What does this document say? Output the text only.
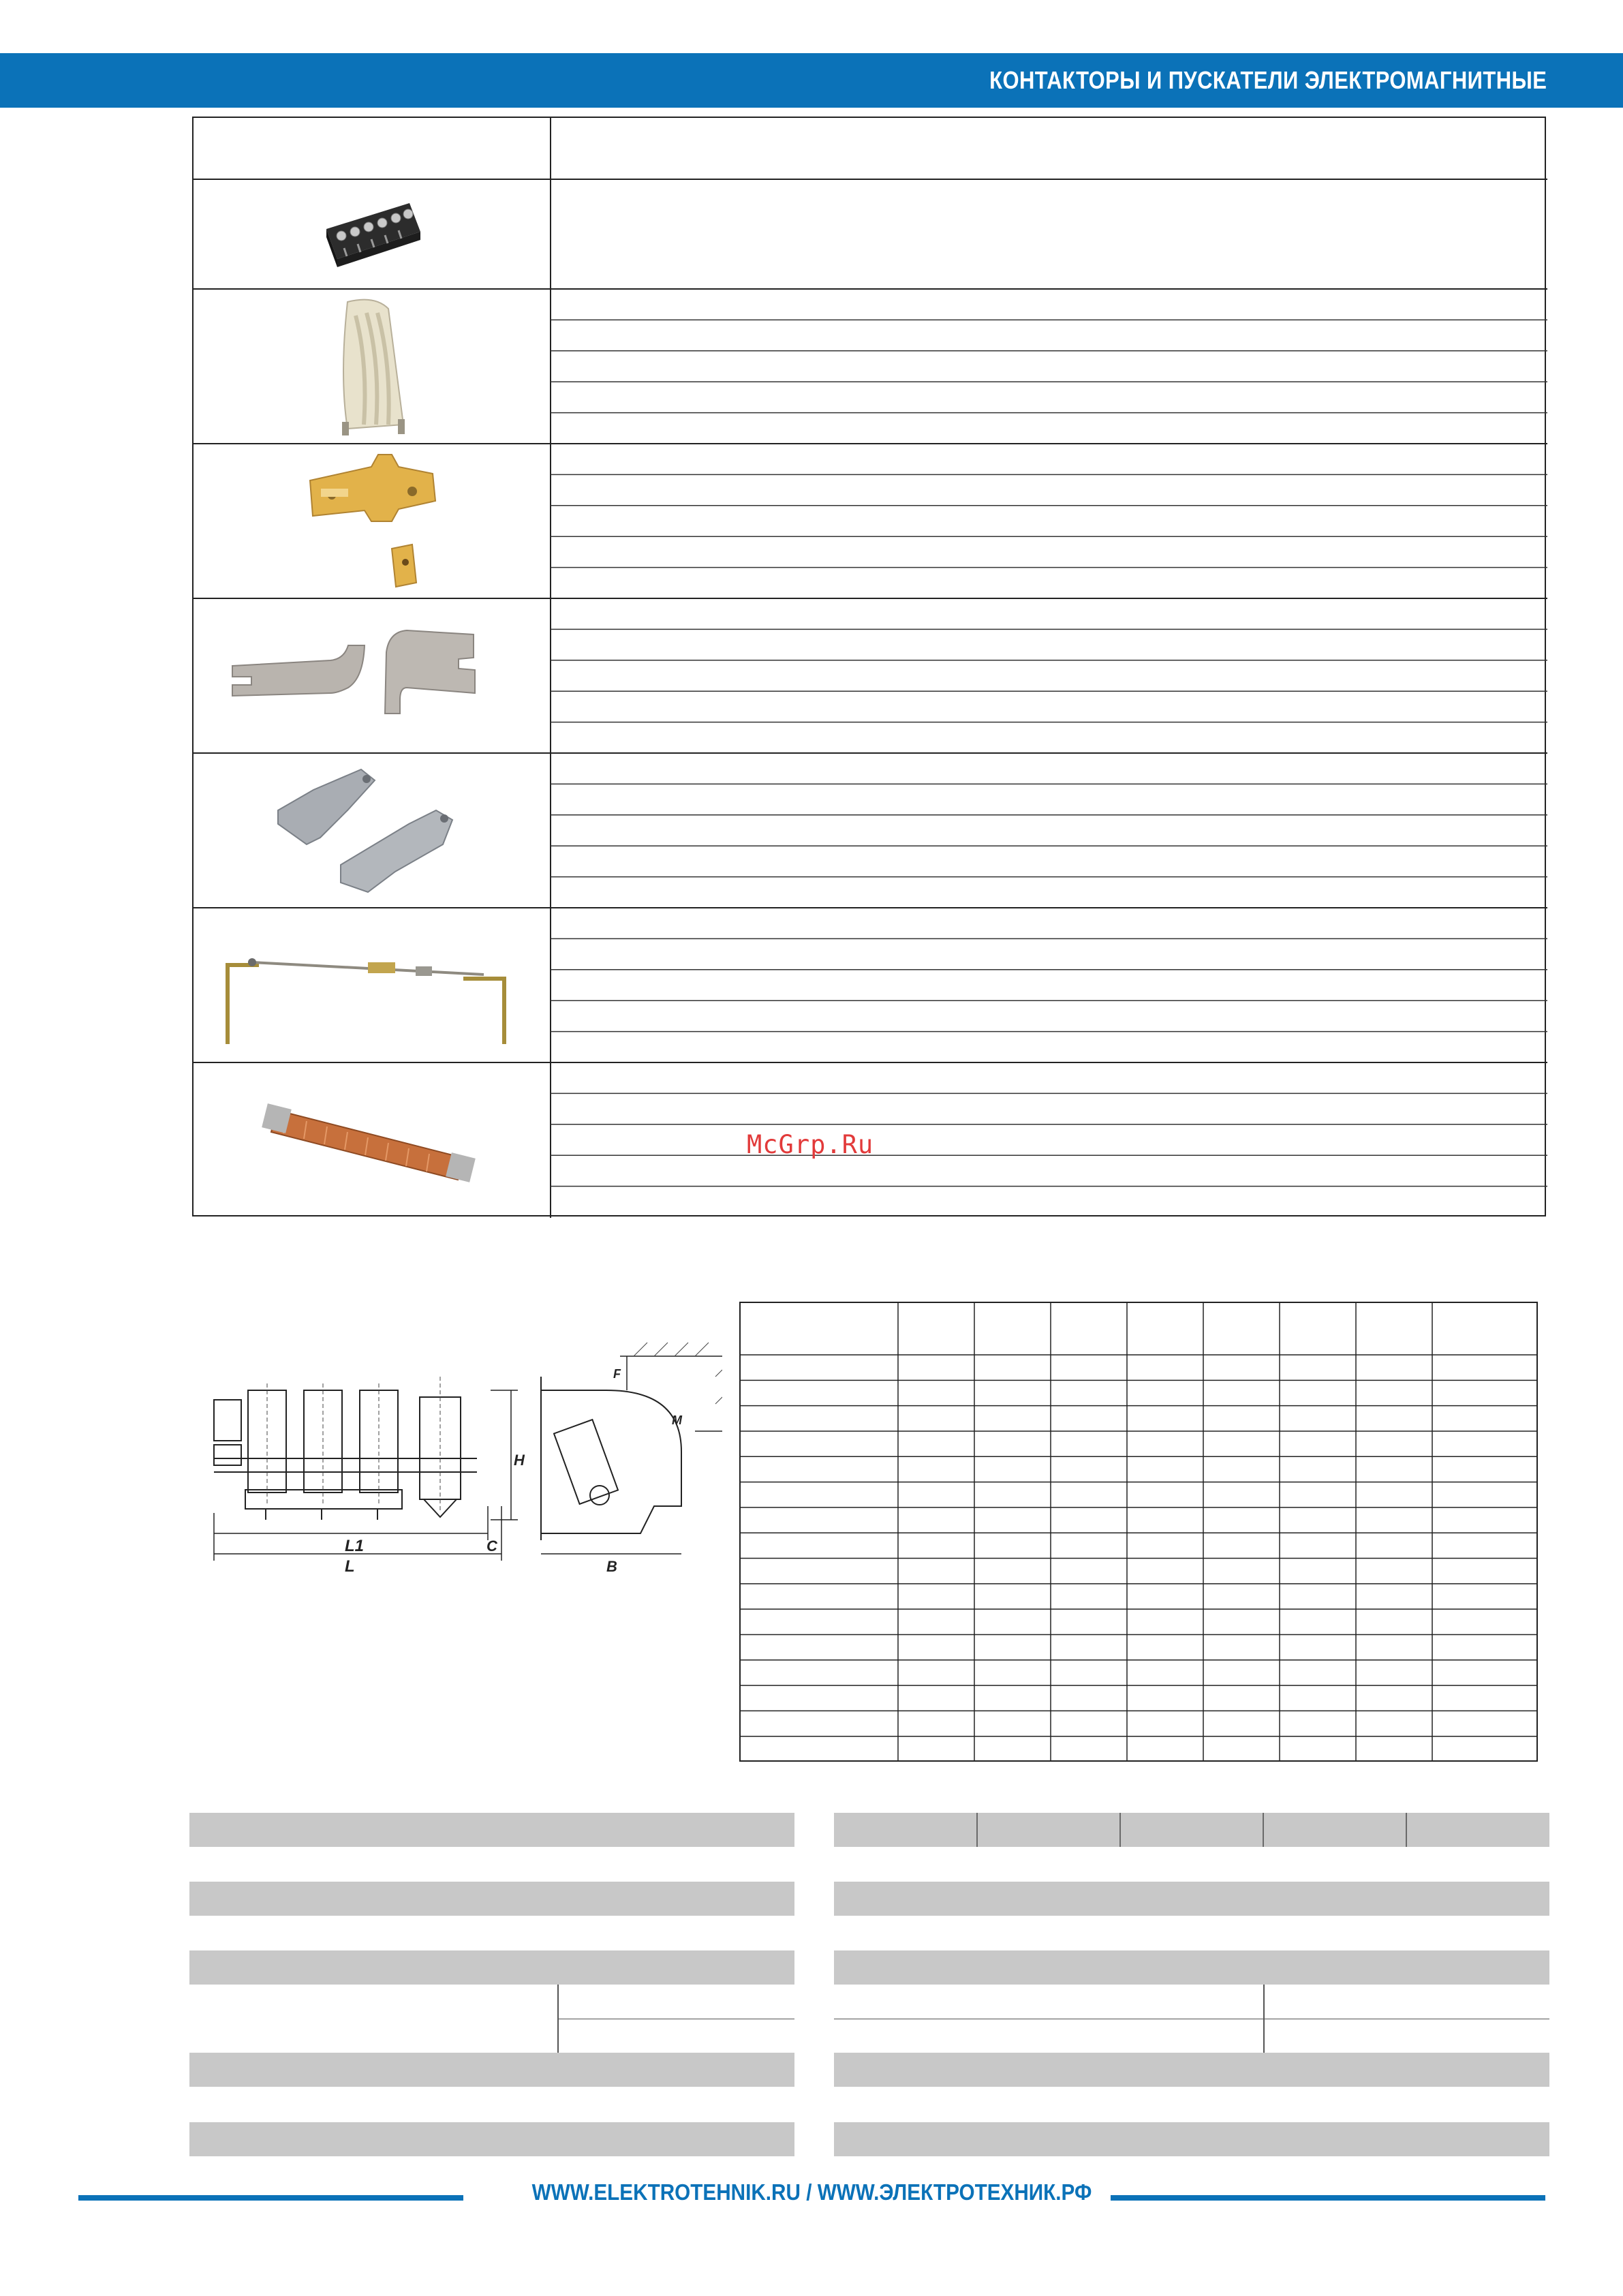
КОНТАКТОРЫ И ПУСКАТЕЛИ ЭЛЕКТРОМАГНИТНЫЕ
McGrp.Ru
L1
L
C
H
B
F
M
WWW.ELEKTROTEHNIK.RU / WWW.ЭЛЕКТРОТЕХНИК.РФ
